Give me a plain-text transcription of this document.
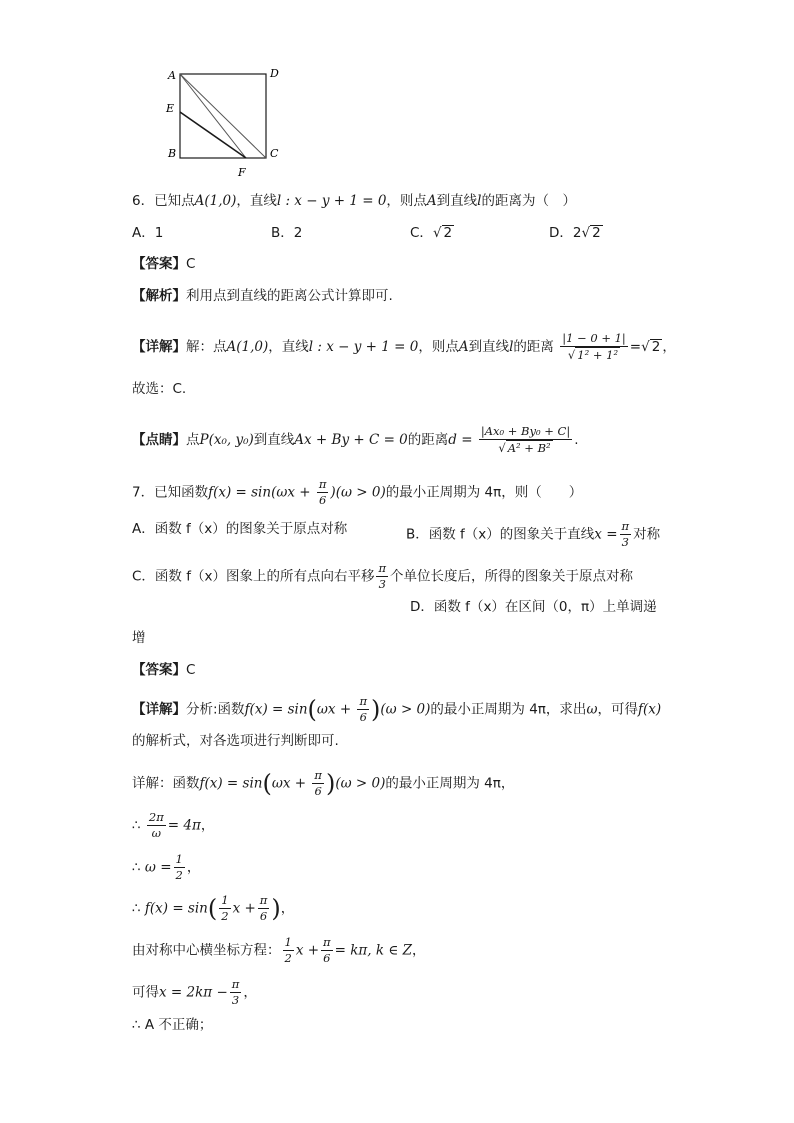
A	D
E
B	C
F
6．已知点A(1,0)，直线l : x − y + 1 = 0，则点A到直线l的距离为（　）
A．1	B．2	C．√ 2	D．2√ 2
【答案】C
【解析】利用点到直线的距离公式计算即可.
【详解】解：点A(1,0)，直线l : x − y + 1 = 0，则点A到直线l的距离 $\frac{|1 - 0 + 1|}{\text{√ 1² + 1²}}$ =√ 2 ，
故选：C.
【点睛】点P(x₀, y₀)到直线Ax + By + C = 0的距离$d = \frac{\text{|Ax₀ + By₀ + C|}}{\text{√ A² + B²}}$ .
7．已知函数$f(x) = \sin(\omega x + \frac{\pi}{6} )(\omega > 0)$的最小正周期为 4π，则（　　）
A．函数 f（x）的图象关于原点对称	B．函数 f（x）的图象关于直线$x = \frac{\pi}{3}$ 对称
C．函数 f（x）图象上的所有点向右平移 $\frac{\pi}{3}$ 个单位长度后，所得的图象关于原点对称
D．函数 f（x）在区间（0，π）上单调递
增
【答案】C
【详解】分析:函数$f(x) = \sin(\omega x + \frac{\pi}{6} )(\omega > 0)$的最小正周期为 4π，求出ω，可得f(x)
的解析式，对各选项进行判断即可.
详解：函数$f(x) = \sin(\omega x + \frac{\pi}{6} )(\omega > 0)$的最小正周期为 4π，
∴ $\frac{2\pi}{\omega} = 4\pi$，
∴ $\omega = \frac{1}{2}$ ，
∴ $f(x) = \sin( \frac{1}{2}$ $x + \frac{\pi}{6}$ )，
由对称中心横坐标方程： $\frac{1}{2}$ $x + \frac{\pi}{6} = k\pi$, k ∈ Z，
可得$x = 2k\pi - \frac{\pi}{3}$ ，
∴ A 不正确；
